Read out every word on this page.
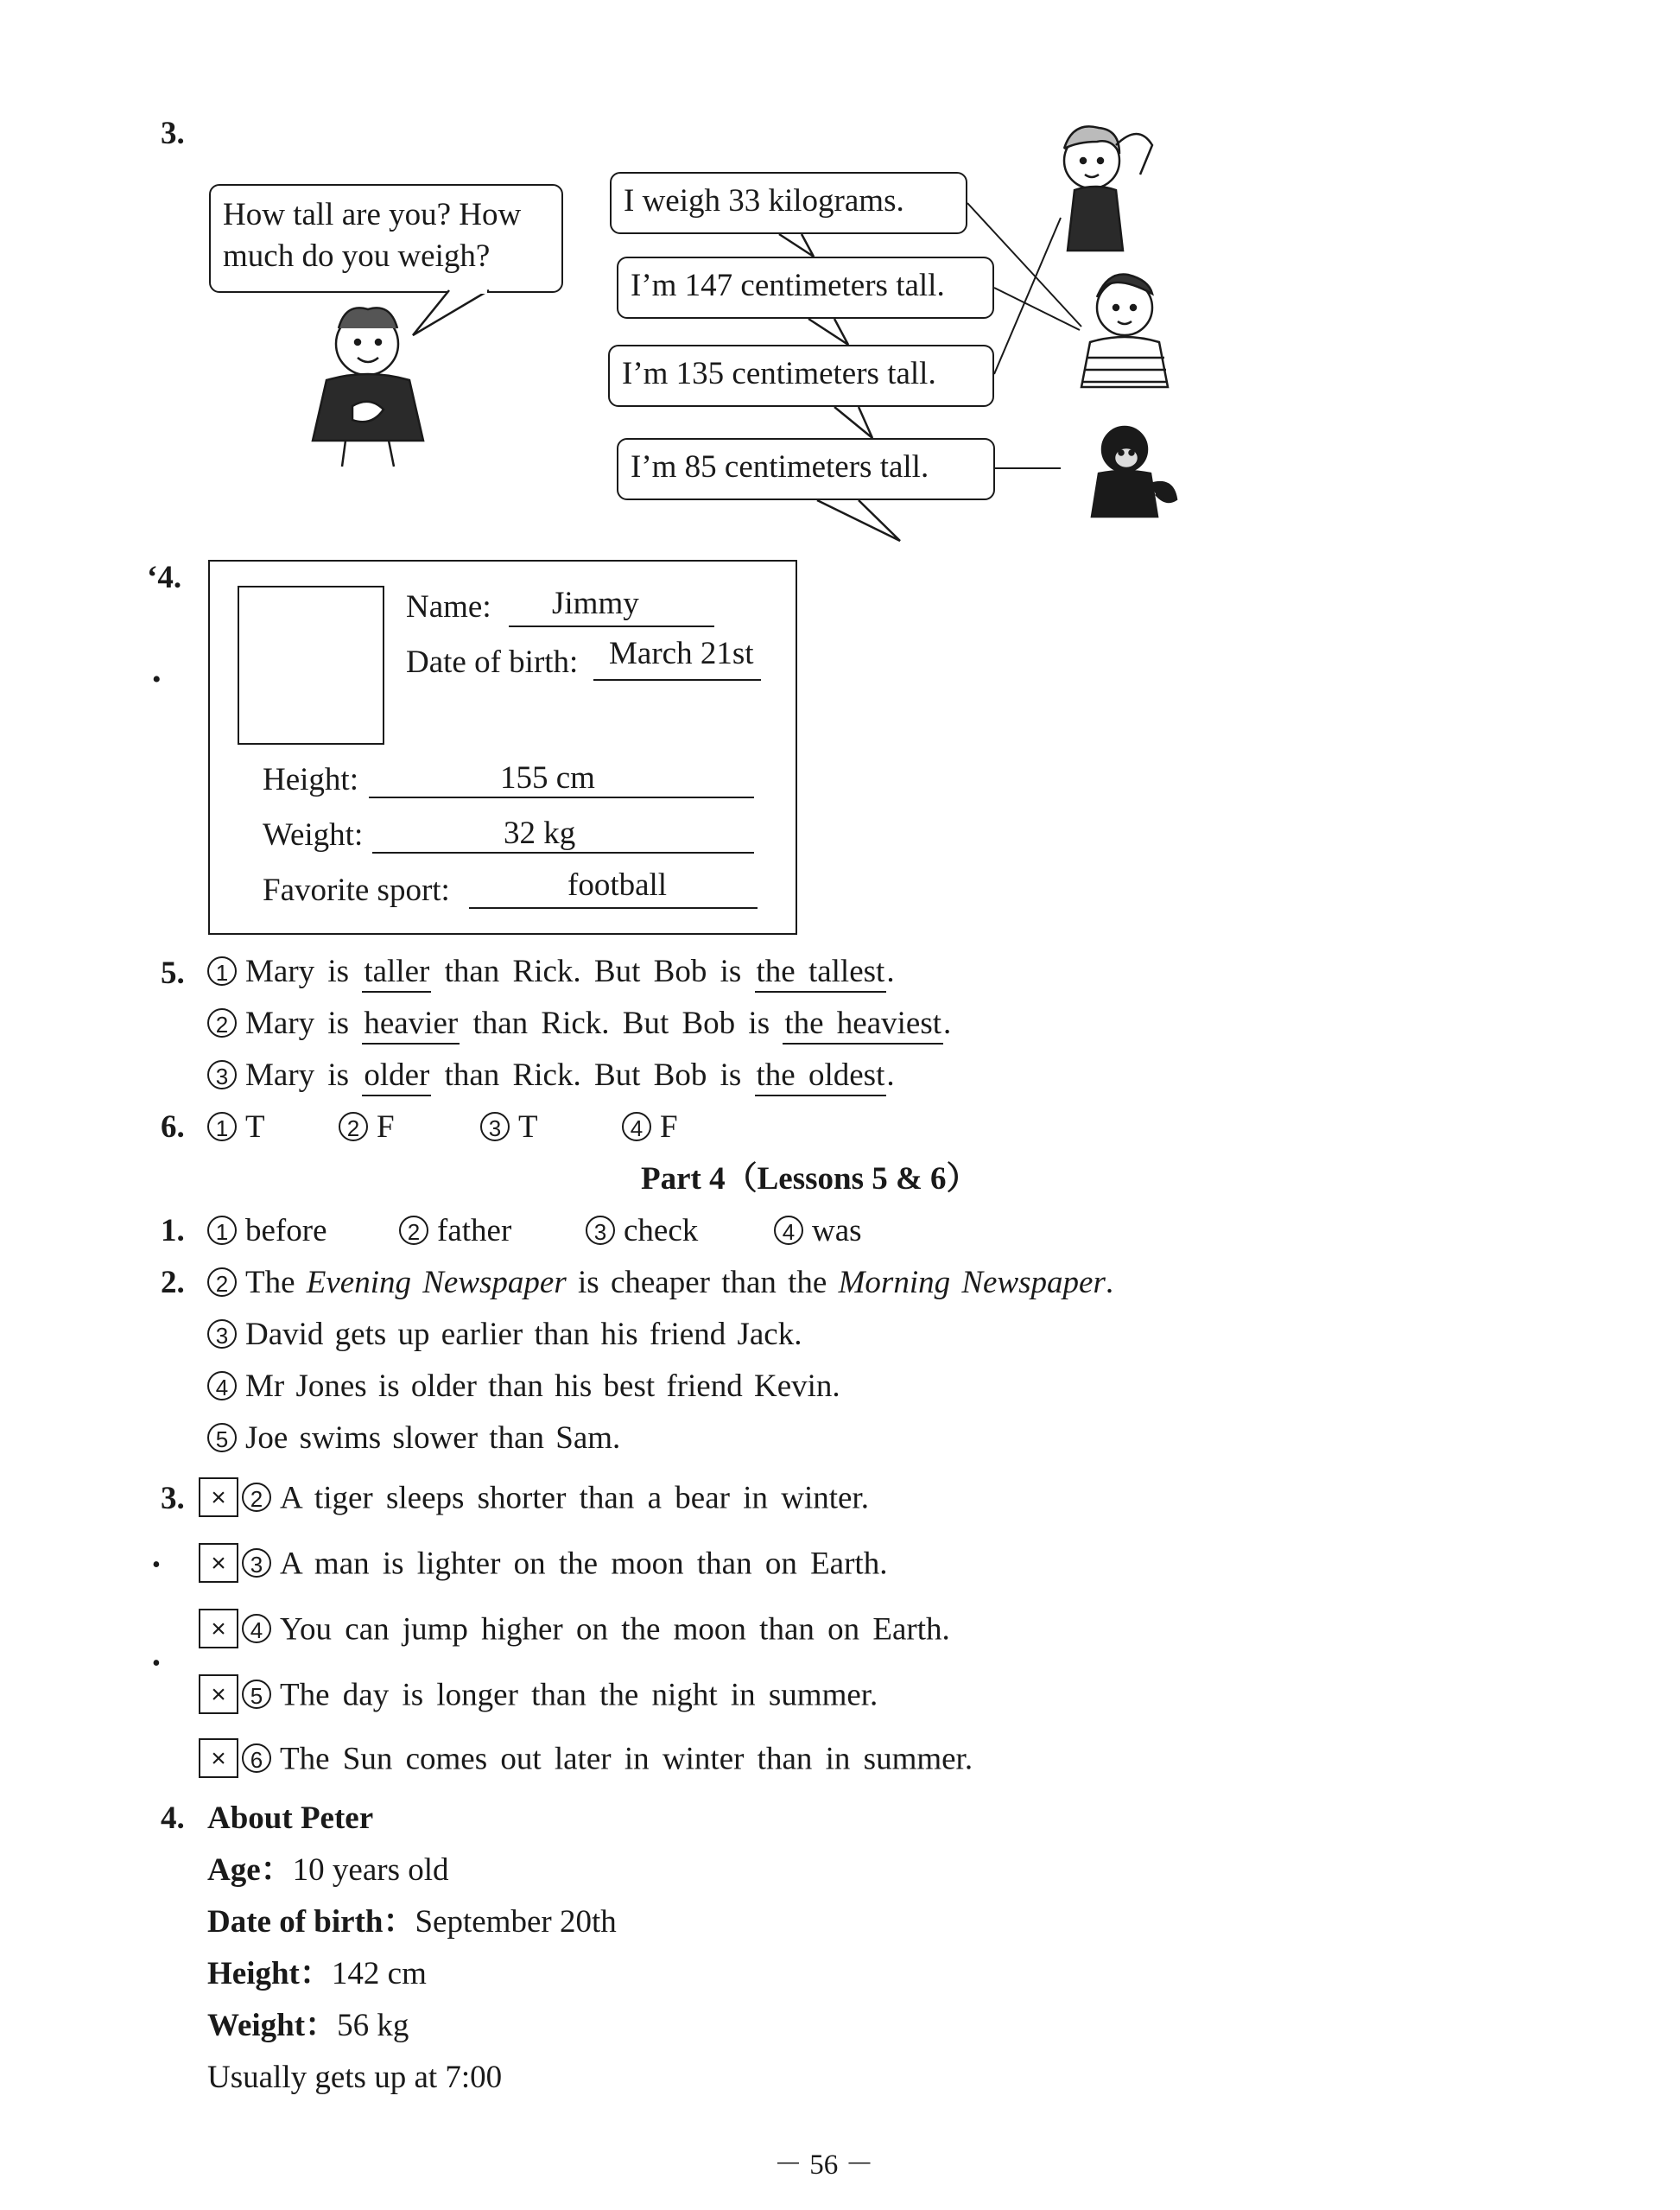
3.
How tall are you? How
much do you weigh?
I weigh 33 kilograms.
I’m 147 centimeters tall.
I’m 135 centimeters tall.
I’m 85 centimeters tall.
‘4.
•
Name: Jimmy
Date of birth: March 21st
Height:	155 cm
Weight:	32 kg
Favorite sport:	football
5.	1 Mary is taller than Rick. But Bob is the tallest.
2 Mary is heavier than Rick. But Bob is the heaviest.
3 Mary is older than Rick. But Bob is the oldest.
6.	1 T	2 F	3 T	4 F
Part 4（Lessons 5 & 6）
1.	1 before	2 father	3 check	4 was
2.	2 The Evening Newspaper is cheaper than the Morning Newspaper.
3 David gets up earlier than his friend Jack.
4 Mr Jones is older than his best friend Kevin.
5 Joe swims slower than Sam.
3.	× 2 A tiger sleeps shorter than a bear in winter.
•	× 3 A man is lighter on the moon than on Earth.
× 4 You can jump higher on the moon than on Earth.
•
× 5 The day is longer than the night in summer.
× 6 The Sun comes out later in winter than in summer.
4. About Peter
Age：10 years old
Date of birth：September 20th
Height：142 cm
Weight：56 kg
Usually gets up at 7:00
－ 56 －
